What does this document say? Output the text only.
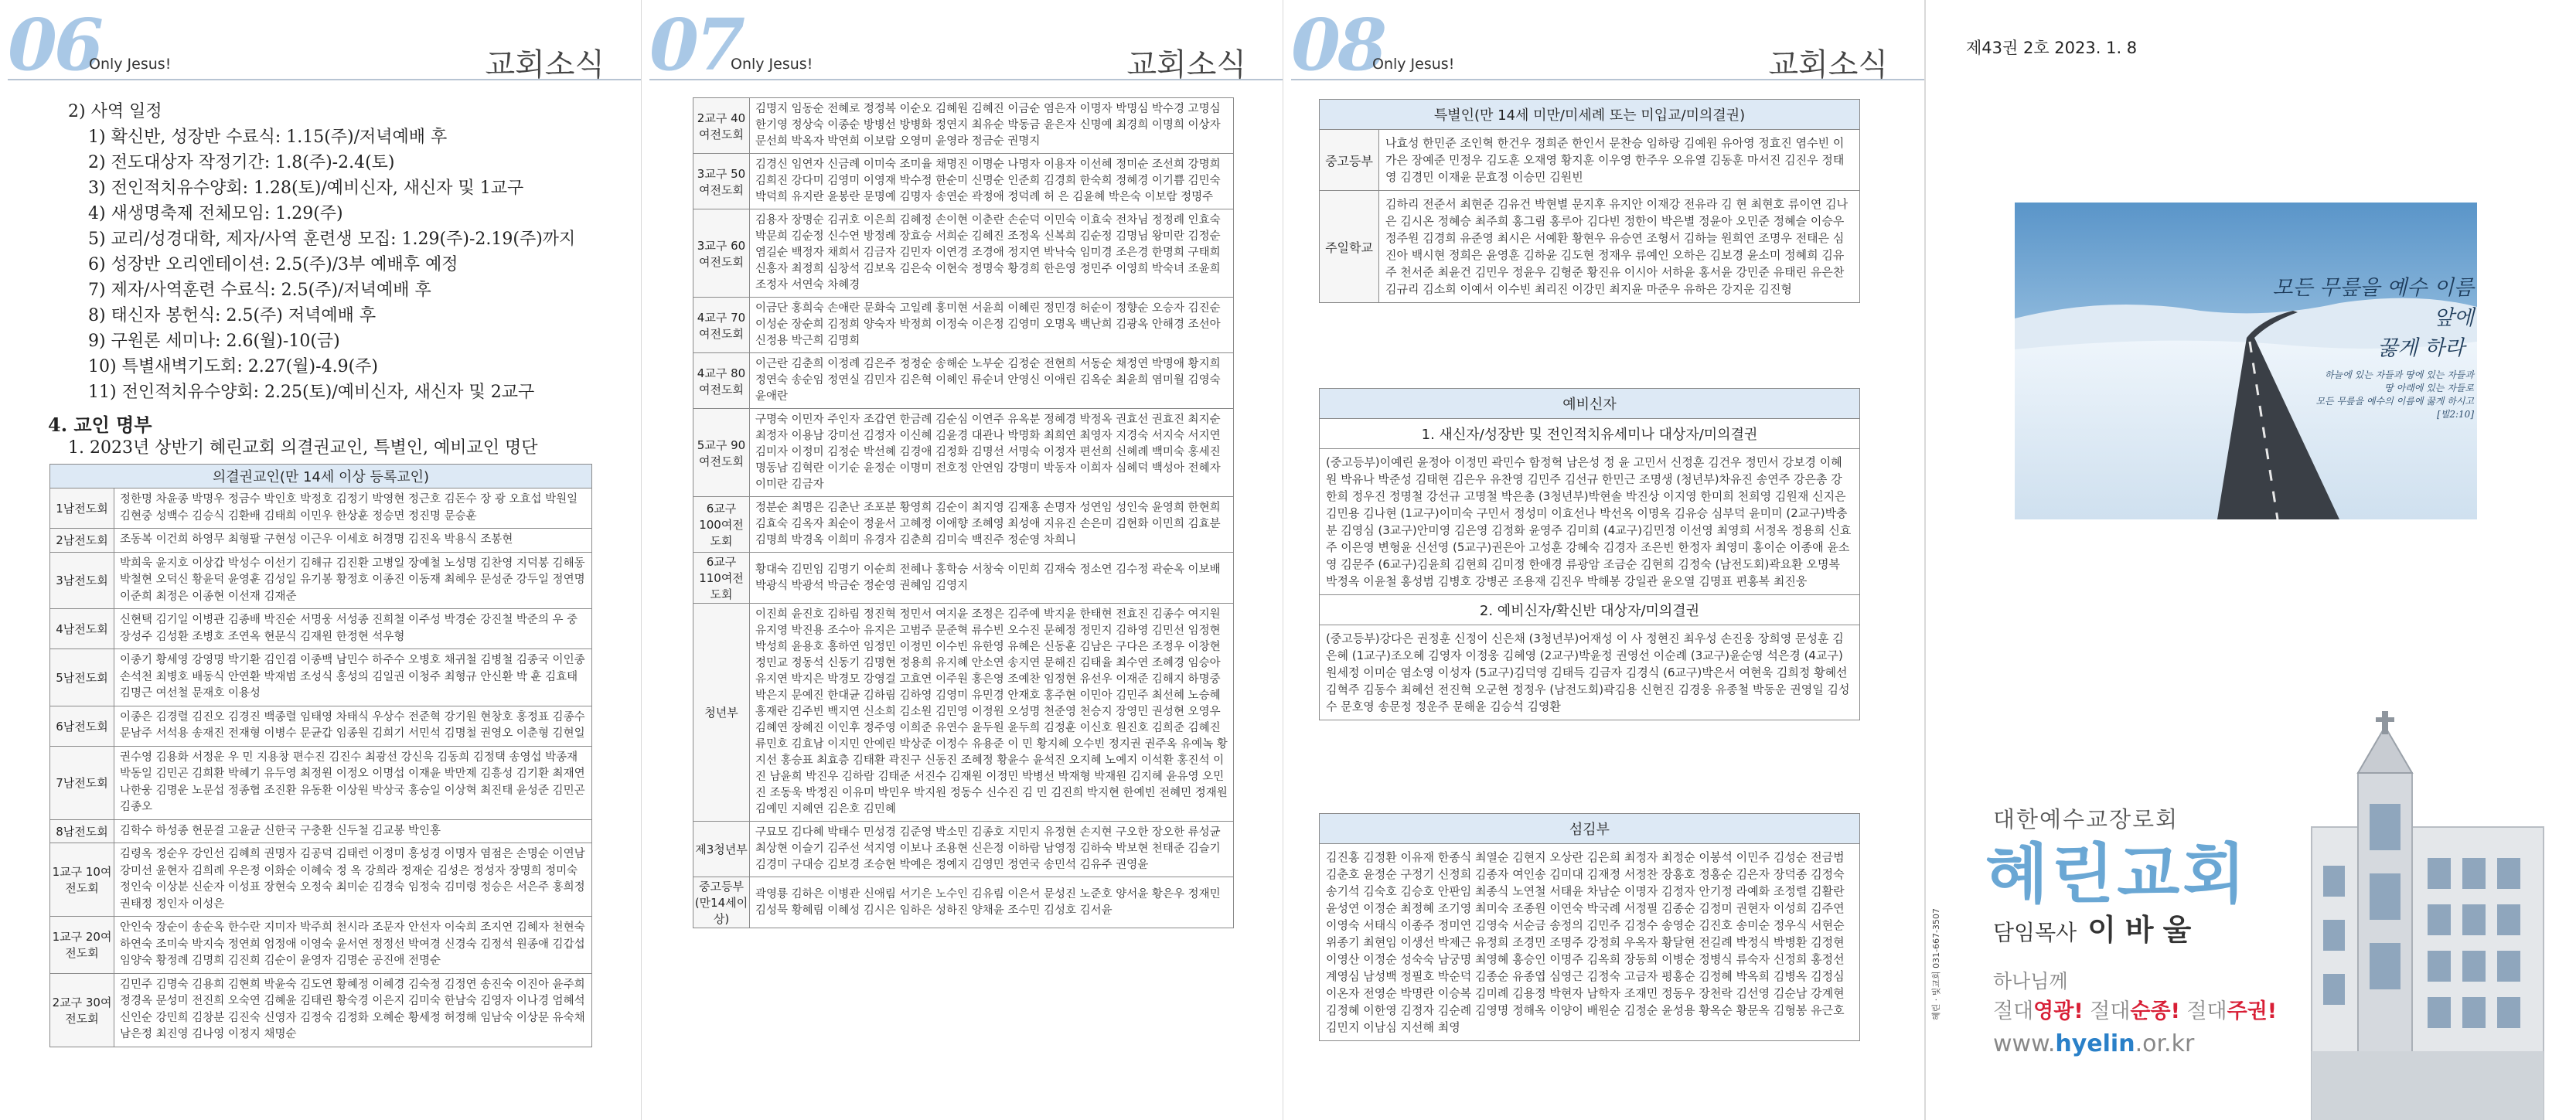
06
Only Jesus!	교회소식
2) 사역 일정
1) 확신반, 성장반 수료식: 1.15(주)/저녁예배 후
2) 전도대상자 작정기간: 1.8(주)-2.4(토)
3) 전인적치유수양회: 1.28(토)/예비신자, 새신자 및 1교구
4) 새생명축제 전체모임: 1.29(주)
5) 교리/성경대학, 제자/사역 훈련생 모집: 1.29(주)-2.19(주)까지
6) 성장반 오리엔테이션: 2.5(주)/3부 예배후 예정
7) 제자/사역훈련 수료식: 2.5(주)/저녁예배 후
8) 태신자 봉헌식: 2.5(주) 저녁예배 후
9) 구원론 세미나: 2.6(월)-10(금)
10) 특별새벽기도회: 2.27(월)-4.9(주)
11) 전인적치유수양회: 2.25(토)/예비신자, 새신자 및 2교구
4. 교인 명부
1. 2023년 상반기 혜린교회 의결권교인, 특별인, 예비교인 명단
의결권교인(만 14세 이상 등록교인)	
1남전도회	정한명 차윤종 박명우 정금수 박인호 박정호 김정기 박영현 정근호 김돈수 장 광 오효섭 박원일 김현중 성백수 김승식 김환배 김태희 이민우 한상훈 정승면 정진명 문승훈
2남전도회	조동복 이건희 하영무 최형팔 구현성 이근우 이세호 허경명 김진옥 박용식 조봉현
3남전도회	박희욱 윤지호 이상갑 박성수 이선기 김해규 김진환 고병일 장예철 노성명 김찬영 지덕봉 김해동 박철현 오덕신 황윤덕 윤영훈 김성일 유기봉 황정호 이종진 이동재 최혜우 문성준 강두일 정연명 이준희 최정은 이종현 이선재 김재준
4남전도회	신현택 김기일 이병관 김종배 박진순 서명웅 서성종 진희철 이주성 박경순 강진철 박준의 우 중 장성주 김성환 조병호 조연옥 현문식 김재원 한정현 석우형
5남전도회	이종기 황세영 강영명 박기환 김인겸 이종백 남민수 하주수 오병호 채귀철 김병철 김종국 이인종 손석천 최병호 배동식 안연환 박재범 조성식 홍성의 김일권 이청주 최형규 안신환 박 훈 김효태 김명근 여선철 문재호 이용성
6남전도회	이종은 김경렬 김진오 김경진 백종렬 임태영 차태식 우상수 전준혁 강기원 현창호 홍정표 김종수 문남주 서석용 송재진 전재형 이병수 문균갑 임종원 김희기 서민석 김명철 권영오 이춘형 김현일
7남전도회	권수영 김용화 서정운 우 민 지용창 편수진 김진수 최광선 강신욱 김동희 김정택 송영섭 박종재 박동일 김민곤 김희환 박혜기 유두영 최정원 이정오 이명섭 이재윤 박만제 김흥성 김기환 최재연 나한웅 김명운 노문섭 정종협 조진환 유동환 이상원 박상국 홍승일 이상혁 최진태 윤성준 김민곤 김종오
8남전도회	김학수 하성종 현문걸 고윤균 신한국 구충환 신두철 김교봉 박인홍
1교구 10여전도회	김령옥 정순우 강인선 김혜희 권명자 김공덕 김태런 이정미 홍성경 이명자 염점은 손명순 이연남 강미선 윤현자 김희례 우은정 이화순 이혜숙 정 옥 강희라 정재순 김성은 정성자 장명희 정미숙 정인숙 이상분 신순자 이성표 장현숙 오정숙 최미순 김경숙 임정숙 김미령 정승은 서은주 홍희정 권태정 정인자 이성은
1교구 20여전도회	안인숙 장순이 송순옥 한수란 지미자 박주희 천시라 조문자 안선자 이숙희 조지연 김혜자 천현숙 하연숙 조미숙 박지숙 정연희 엄정애 이영숙 윤서연 정정선 박여경 신경숙 김정석 원종애 김갑섭 임양숙 황정례 김명희 김진희 김순이 윤영자 김명순 공진애 전명순
2교구 30여전도회	김민주 김명숙 김용희 김현희 박윤숙 김도연 황혜정 이혜경 김숙정 김정연 송진숙 이진아 윤주희 정경옥 문성미 전진희 오숙연 김혜윤 김태린 황숙경 이은지 김미숙 한남숙 김영자 이나경 엄혜석 신인순 강민희 김창분 김진숙 신영자 김정숙 김정화 오혜순 황세정 허정해 임남숙 이상문 유숙채 남은정 최진영 김나영 이정지 채명순
07
Only Jesus!	교회소식
2교구 40여전도회	김명지 임동순 전혜로 정정복 이순오 김혜원 김혜진 이금순 염은자 이명자 박명심 박수경 고명심 한기영 정상숙 이종순 방병선 방병화 정연지 최유순 박동금 윤은자 신명예 최경희 이명희 이상자 문선희 박옥자 박연희 이보람 오영미 윤영라 정금순 권명지
3교구 50여전도회	김경신 임연자 신금례 이미숙 조미율 채명진 이명순 나명자 이용자 이선혜 정미순 조선희 강명희 김희진 강다미 김영미 이영재 박수정 한순미 신명순 인준희 김경희 한숙희 정혜경 이기쁨 김민숙 박덕희 유지란 윤봉란 문명예 김명자 송연순 곽정애 정덕례 허 은 김윤혜 박은숙 이보람 정명주
3교구 60여전도회	김용자 장명순 김귀호 이은희 김혜정 손이현 이춘란 손순덕 이민숙 이효숙 전차님 정정례 인효숙 박문희 김순정 신수연 방정례 장효승 서희순 김혜진 조정옥 신복희 김순정 김명님 왕미란 김정순 염길순 백정자 채희서 김금자 김민자 이연경 조경애 정지연 박낙숙 임미경 조은경 한명희 구태희 신홍자 최정희 심창석 김보옥 김은숙 이현숙 정명숙 황경희 한은영 정민주 이영희 박숙녀 조윤희 조정자 서연숙 차혜경
4교구 70여전도회	이금단 홍희숙 손애란 문화숙 고일례 홍미현 서윤희 이혜린 정민경 허순이 정향순 오승자 김진순 이성순 장순희 김정희 양숙자 박정희 이정숙 이은정 김영미 오명옥 백난희 김광옥 안해경 조선아 신정용 박근희 김명희
4교구 80여전도회	이근란 김춘희 이정례 김은주 정정순 송해순 노부순 김정순 전현희 서동순 채정연 박명애 황지희 정연숙 송순임 정연실 김민자 김은혁 이혜인 류순녀 안영신 이애린 김옥순 최윤희 염미월 김영숙 윤애란
5교구 90여전도회	구명숙 이민자 주인자 조갑연 한금례 김순심 이연주 유옥분 정혜경 박정옥 권효선 권효진 최지순 최정자 이용남 강미선 김정자 이신혜 김윤경 대관나 박명화 최희연 최영자 지경숙 서지숙 서지연 김미자 이정미 김정순 박선혜 김경애 김정화 김명선 서명숙 이정자 편선희 신혜례 백미숙 홍세진 명동남 김혁란 이기순 윤정순 이명미 전호정 안연임 강명미 박동자 이희자 심혜덕 백성아 전혜자 이미란 김금자
6교구 100여전도회	정분순 최명은 김춘난 조포분 황영희 김순이 최지영 김재홍 손명자 성연임 성인숙 윤영희 한현희 김효숙 김옥자 최순이 정윤서 고혜정 이애향 조혜영 최성애 지유진 손은미 김현화 이민희 김효분 김명희 박경옥 이희미 유경자 김춘희 김미숙 백진주 정순영 차희니
6교구 110여전도회	황대숙 김민임 김명기 이순희 전혜나 홍학승 서창숙 이민희 김재숙 정소연 김수정 곽순옥 이보배 박광식 박광석 박금순 정순영 권혜임 김영지
청년부	이진희 윤진호 김하림 정진혁 정민서 여지윤 조정은 김주예 박지윤 한태현 전효진 김종수 여지원 유지영 박진용 조수아 유지은 고범주 문준혁 류수빈 오수진 문혜정 정민지 김하영 김민선 임정현 박성희 윤용호 홍하연 임정민 이정민 이수빈 유한영 유혜은 신동훈 김남은 구다은 조정우 이창현 정민교 정동석 신동기 김명현 정용희 유지혜 안소연 송지연 문해진 김태율 최수연 조혜경 임승아 유지연 박지은 박경모 강영걸 고효연 이주원 홍은영 조예찬 임정현 유선우 이재준 김해지 하명중 박은지 문예진 한대균 김하림 김하영 김영미 유민경 안재호 홍주현 이민아 김민주 최선혜 노승혜 홍재란 김주빈 백지연 신소희 김소원 김민영 이정원 오성명 천준영 천승지 장영민 권성현 오영우 김혜연 장혜진 이인후 정주영 이희준 유연수 윤두원 윤두희 김정훈 이신호 원진호 김희준 김혜진 류민호 김효남 이지민 안예린 박상준 이정수 유용준 이 민 황지혜 오수빈 정지권 권주옥 유예녹 황지선 홍승표 최효층 김태환 곽진구 신동진 조혜정 황윤수 윤석진 오지혜 노예지 이석환 홍진석 이 진 남윤희 박진우 김하람 김태준 서진수 김재원 이정민 박병선 박재형 박재원 김지헤 윤유영 오민진 조동욱 박정진 이유미 박민우 박지원 정동수 신수진 김 민 김진희 박지현 한예빈 전혜민 정재원 김예민 지혜연 김은호 김민혜
제3청년부	구묘모 김다혜 박태수 민성경 김준영 박소민 김종호 지민지 유정현 손지현 구오한 장오한 류성균 최상현 이슬기 김주선 석지영 이보나 조용현 신은정 이하람 남영정 김하숙 박보현 천태준 김슬기 김경미 구대승 김보경 조승현 박예은 정예지 김영민 정연국 송민석 김유주 권영윤
중고등부 (만14세이상)	곽영룡 김하은 이병관 신애림 서기은 노수인 김유림 이은서 문성진 노준호 양서윤 황은우 정재민 김성묵 황혜림 이혜성 김시은 임하은 성하진 양채윤 조수민 김성호 김서윤
08
Only Jesus!	교회소식
특별인(만 14세 미만/미세례 또는 미입교/미의결권)	
중고등부	나효성 한민준 조인혁 한건우 정희준 한인서 문찬승 임하랑 김예원 유아영 정효진 염수빈 이가은 장예준 민정우 김도훈 오재영 황지훈 이우영 한주우 오유열 김동훈 마서진 김진우 정태영 김경민 이재윤 문효정 이승민 김원빈
주일학교	김하리 전준서 최현준 김유건 박현별 문지후 유지안 이재강 전유라 김 현 최현호 류이연 김나은 김시온 정혜승 최주희 홍그림 홍루아 김다빈 정한이 박은별 정윤아 오민준 정혜슬 이승우 정주원 김경희 유준영 최시은 서예환 황현우 유승연 조형서 김하늘 원희연 조명우 전태은 심진아 백시현 정희은 윤영훈 김하윤 김도현 정재우 류예인 오하은 김보경 윤소미 정혜희 김유주 천서준 최윤건 김민우 정윤우 김형준 황진유 이시아 서하윤 홍서윤 강민준 유태린 유은찬 김규리 김소희 이예서 이수빈 최리진 이강민 최지윤 마준우 유하은 강지운 김진형
예비신자
1. 새신자/성장반 및 전인적치유세미나 대상자/미의결권
(중고등부)이예린 윤정아 이정민 곽민수 함정혁 남은성 정 윤 고민서 신정훈 김건우 정민서 강보경 이혜원 박유나 박준성 김태현 김은우 유찬영 김민주 김선규 한민근 조명생 (청년부)차유진 송연주 강은총 강한희 정우진 정명철 강선규 고명철 박은총 (3청년부)박현솔 박진상 이지영 한미희 천희영 김원재 신지은 김민용 김나현 (1교구)이미숙 구민서 정성미 이효선나 박선옥 이명옥 김유승 심부덕 윤미미 (2교구)박충분 김영심 (3교구)안미영 김은영 김정화 윤영주 김미희 (4교구)김민정 이선영 최영희 서정옥 정용희 신효주 이은영 변형윤 신선영 (5교구)권은아 고성훈 강혜숙 김경자 조은빈 한정자 최영미 홍이순 이종애 윤소영 김문주 (6교구)김윤희 김현희 김미정 한애경 류광암 조금순 김현희 김정숙 (남전도회)곽요환 오명복 박정옥 이윤철 홍성범 김병호 강병곤 조용재 김진우 박해봉 강일관 윤오열 김명표 편홍복 최진웅
2. 예비신자/확신반 대상자/미의결권
(중고등부)강다은 권정훈 신정이 신은채 (3청년부)어재성 이 사 정현진 최우성 손진웅 장희영 문성훈 김은혜 (1교구)조오혜 김영자 이정웅 김혜영 (2교구)박윤정 권영선 이순례 (3교구)윤순영 석은경 (4교구)원세정 이미순 염소영 이성자 (5교구)김덕영 김태득 김금자 김경식 (6교구)박은서 여현욱 김희정 황혜선 김혁주 김동수 최혜선 전진혁 오군현 정정우 (남전도회)곽김용 신현진 김경웅 유종철 박동운 권영일 김성수 문호영 송문정 정운주 문해윤 김승석 김영환
섬김부
김진홍 김정환 이유재 한종식 최열순 김현지 오상란 김은희 최정자 최정순 이봉석 이민주 김성순 전금범 김춘호 윤정순 구정기 신정희 김종자 여인송 김미대 김재정 서정찬 장홍호 정홍순 김은자 장덕종 김정숙 송기석 김숙호 김승호 안판임 최종식 노연철 서태윤 차남순 이명자 김정자 안기정 라예화 조정렬 김활란 윤성연 이정순 최정혜 조기영 최미숙 조종원 이연숙 박국례 서정필 김종순 김정미 권현자 이성희 김주연 이영숙 서태식 이종주 정미연 김영숙 서순금 송정의 김민주 김정수 송영순 김진호 송미순 정우식 서현순 위종기 최현임 이생선 박제근 유정희 조경민 조명주 강정희 우옥자 황달현 전길례 박정식 박병환 김정현 이영산 이정순 성숙숙 남궁명 최영혜 홍승인 이명주 김옥희 장동희 이병순 정병식 류숙자 신정희 홍정선 계영심 남성백 정필호 박순덕 김종순 유종엽 심영근 김정숙 고금자 평홍순 김정혜 박옥희 김병옥 김정심 이온자 전영순 박명란 이승복 김미례 김용정 박현자 남학자 조재민 정동우 장천락 김선영 김순남 강계현 김정혜 이한영 김정자 김순례 김영명 정해옥 이양이 배원순 김정순 윤성용 황옥순 황문옥 김형봉 유근호 김민지 이남심 지선해 최영
제43권 2호 2023. 1. 8
모든 무릎을 예수 이름 앞에
꿇게 하라
하늘에 있는 자들과 땅에 있는 자들과
땅 아래에 있는 자들로
모든 무릎을 예수의 이름에 꿇게 하시고
[빌2:10]
대한예수교장로회
혜린교회
담임목사 이바울
하나님께
절대영광! 절대순종! 절대주권!
www.hyelin.or.kr
혜린 · 빛교회 031-667-3507
